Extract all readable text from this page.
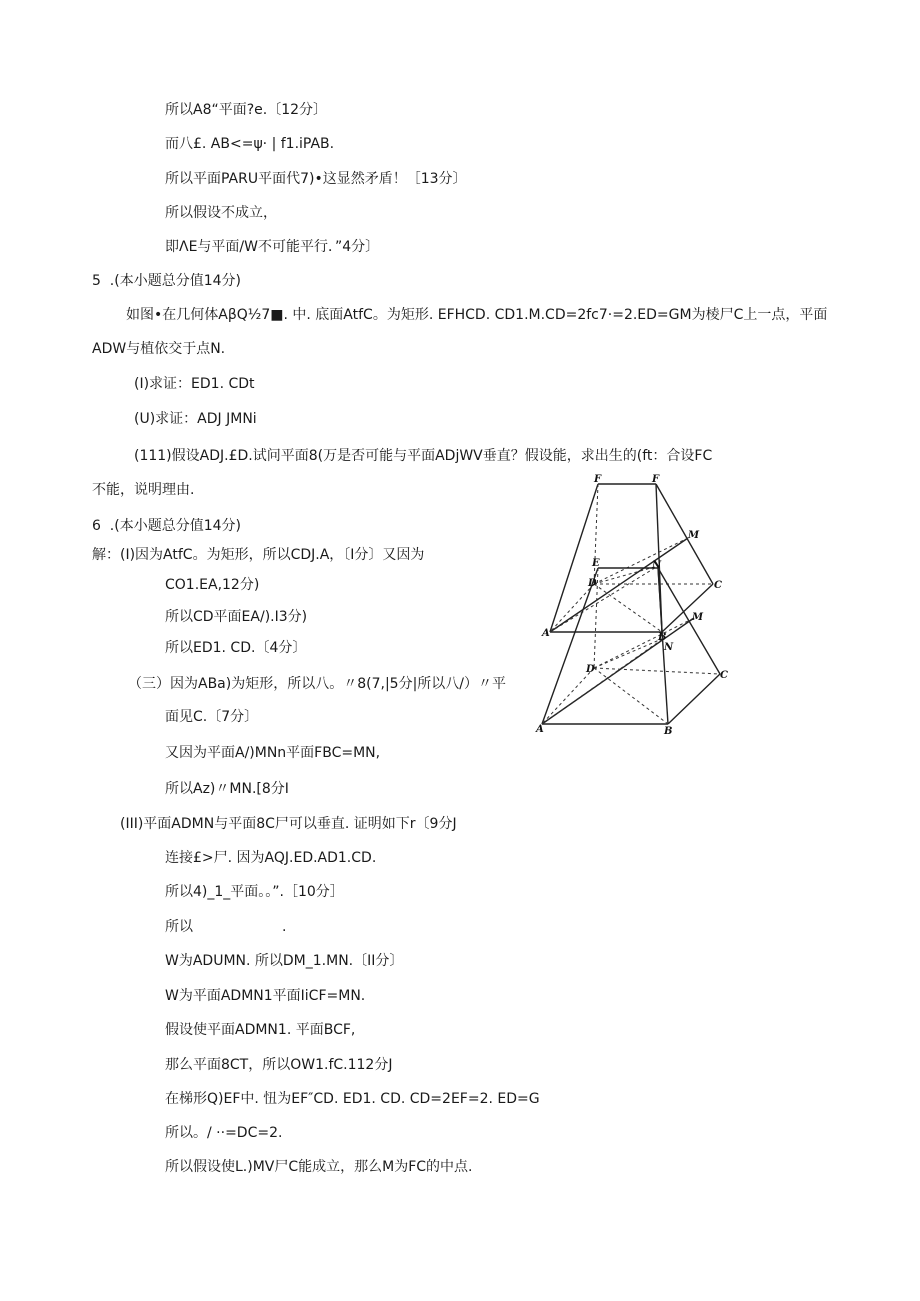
所以A8“平面?e.〔12分〕
而八£. AB<=ψ· | f1.iPAB.
所以平面PARU平面代7)•这显然矛盾！［13分〕
所以假设不成立，
即ΛE与平面/W不可能平行．”4分〕
5  .(本小题总分值14分)
如图•在几何体AβQ½7■. 中. 底面AtfC。为矩形. EFHCD. CD1.M.CD=2fc7·=2.ED=GM为棱尸C上一点，平面
ADW与植依交于点N.
(I)求证：ED1. CDt
(U)求证：ADJ JMNi
(111)假设ADJ.£D.试问平面8(万是否可能与平面ADjWV垂直？假设能，求出生的(ft：合设FC
不能，说明理由.
6  .(本小题总分值14分)
解：(I)因为AtfC。为矩形，所以CDJ.A，〔I分〕又因为
CO1.EA,12分)
所以CD平面EA/).I3分)
所以ED1. CD.〔4分〕
（三）因为ABa)为矩形，所以八。〃8(7,|5分|所以八/）〃平
面见C.〔7分〕
又因为平面A/)MNn平面FBC=MN,
所以Az)〃MN.[8分I
(III)平面ADMN与平面8C尸可以垂直. 证明如下r〔9分J
连接£>尸. 因为AQJ.ED.AD1.CD.
所以4)_1_平面。。”.［10分］
所以                    .
W为ADUMN. 所以DM_1.MN.〔II分〕
W为平面ADMN1平面IiCF=MN.
假设使平面ADMN1. 平面BCF,
那么平面8CT，所以OW1.fC.112分J
在梯形Q)EF中. 忸为EF″CD. ED1. CD. CD=2EF=2. ED=G
所以。/ ··=DC=2.
所以假设使L.)MV尸C能成立，那么M为FC的中点.
F	F
E
D
N
M
C
A	B
M
N
D
C
A	B
